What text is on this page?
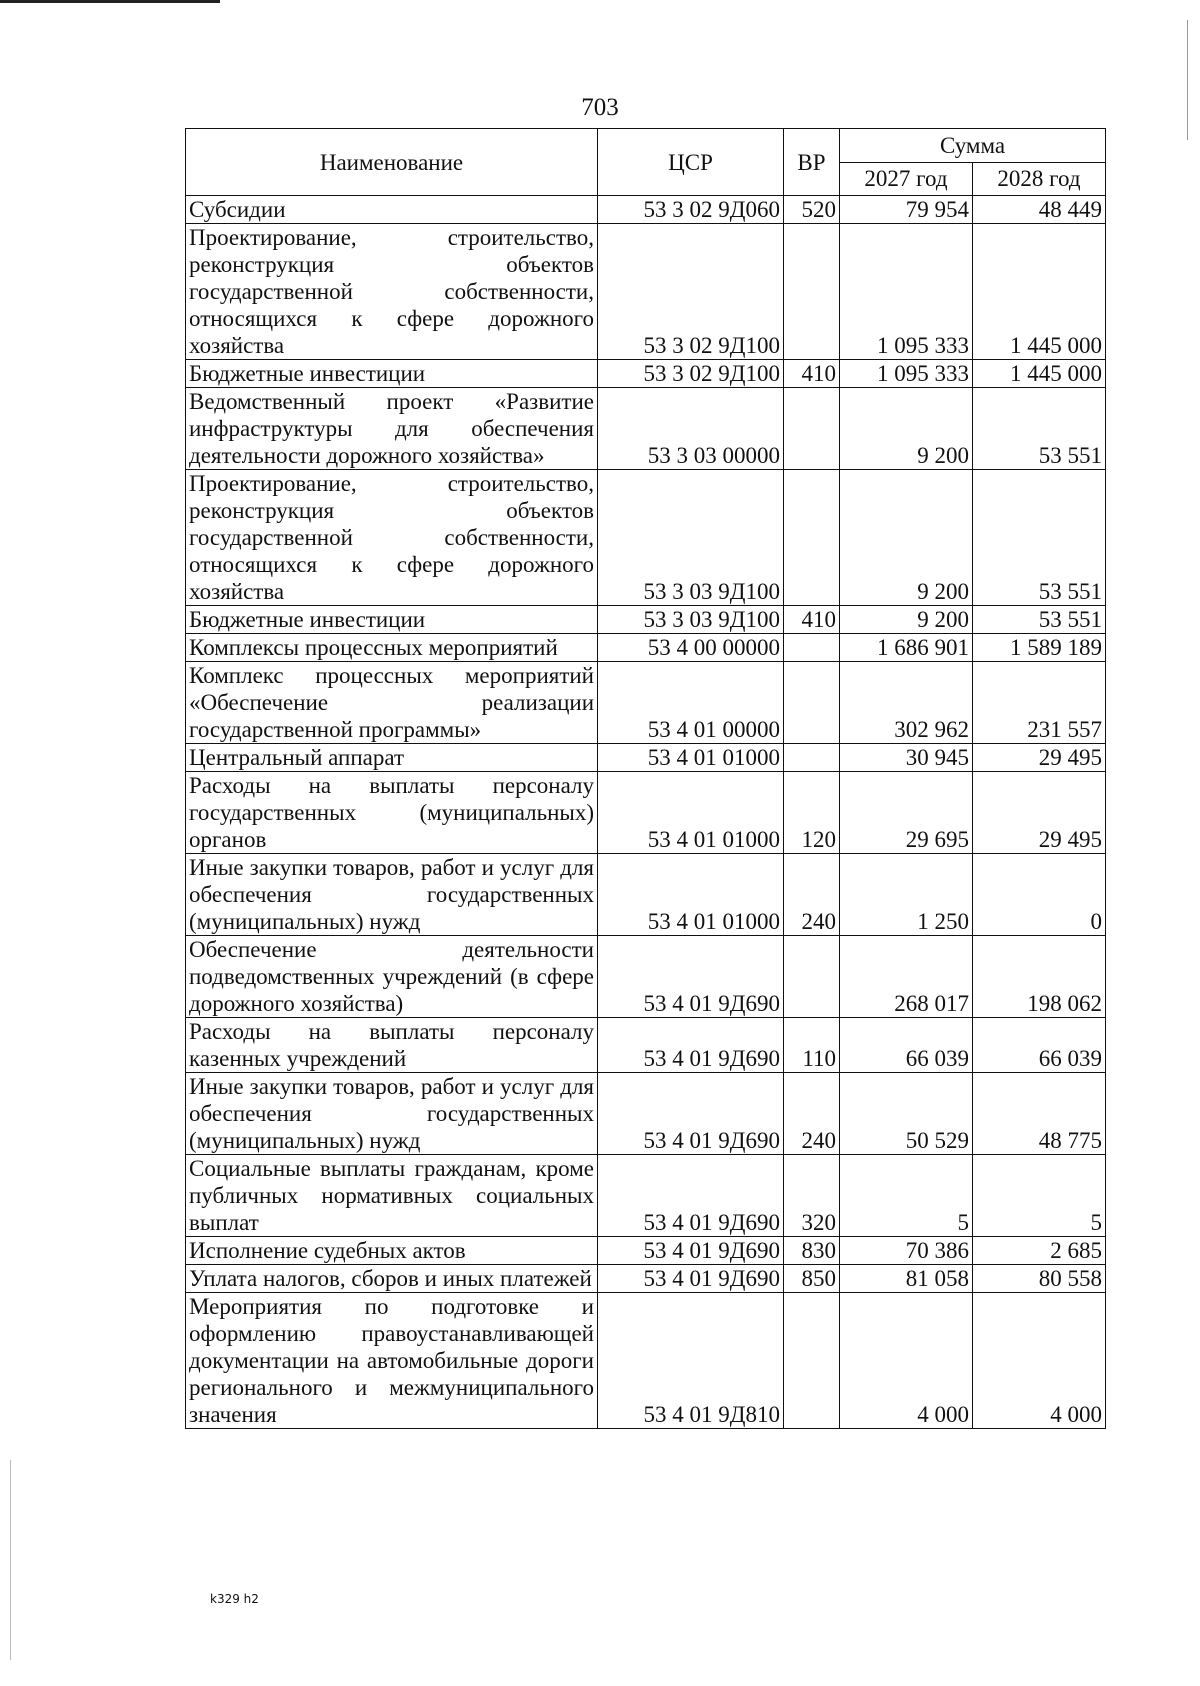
703
Наименование	ЦСР	ВР	Сумма	
			2027 год	2028 год
Субсидии	53 3 02 9Д060	520	79 954	48 449
Проектирование, строительство, реконструкция объектов государственной собственности, относящихся к сфере дорожного хозяйства	53 3 02 9Д100		1 095 333	1 445 000
Бюджетные инвестиции	53 3 02 9Д100	410	1 095 333	1 445 000
Ведомственный проект «Развитие инфраструктуры для обеспечения деятельности дорожного хозяйства»	53 3 03 00000		9 200	53 551
Проектирование, строительство, реконструкция объектов государственной собственности, относящихся к сфере дорожного хозяйства	53 3 03 9Д100		9 200	53 551
Бюджетные инвестиции	53 3 03 9Д100	410	9 200	53 551
Комплексы процессных мероприятий	53 4 00 00000		1 686 901	1 589 189
Комплекс процессных мероприятий «Обеспечение реализации государственной программы»	53 4 01 00000		302 962	231 557
Центральный аппарат	53 4 01 01000		30 945	29 495
Расходы на выплаты персоналу государственных (муниципальных) органов	53 4 01 01000	120	29 695	29 495
Иные закупки товаров, работ и услуг для обеспечения государственных (муниципальных) нужд	53 4 01 01000	240	1 250	0
Обеспечение деятельности подведомственных учреждений (в сфере дорожного хозяйства)	53 4 01 9Д690		268 017	198 062
Расходы на выплаты персоналу казенных учреждений	53 4 01 9Д690	110	66 039	66 039
Иные закупки товаров, работ и услуг для обеспечения государственных (муниципальных) нужд	53 4 01 9Д690	240	50 529	48 775
Социальные выплаты гражданам, кроме публичных нормативных социальных выплат	53 4 01 9Д690	320	5	5
Исполнение судебных актов	53 4 01 9Д690	830	70 386	2 685
Уплата налогов, сборов и иных платежей	53 4 01 9Д690	850	81 058	80 558
Мероприятия по подготовке и оформлению правоустанавливающей документации на автомобильные дороги регионального и межмуниципального значения	53 4 01 9Д810		4 000	4 000
k329 h2
